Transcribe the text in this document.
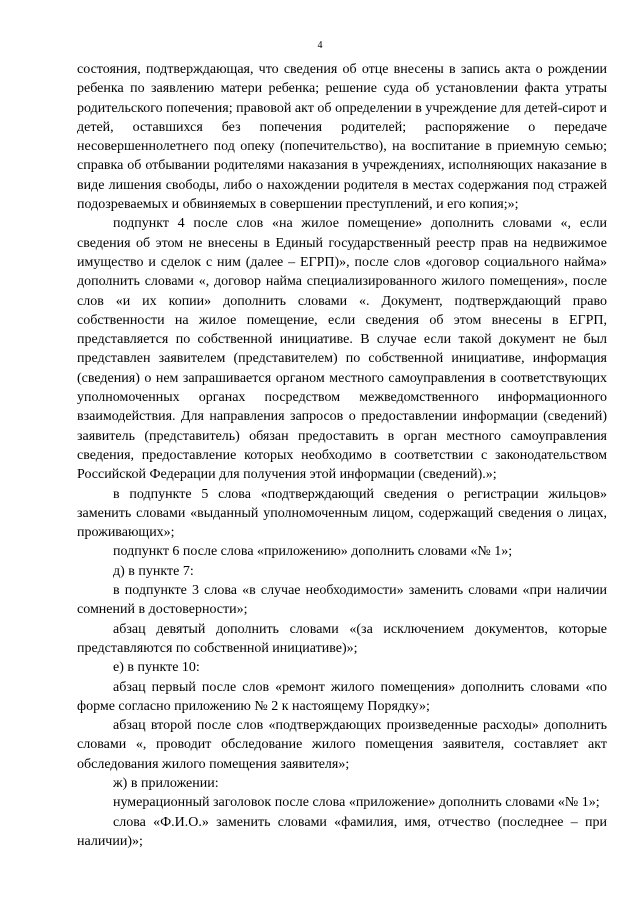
4

состояния, подтверждающая, что сведения об отце внесены в запись акта о рождении ребенка по заявлению матери ребенка; решение суда об установлении факта утраты родительского попечения; правовой акт об определении в учреждение для детей-сирот и детей, оставшихся без попечения родителей; распоряжение о передаче несовершеннолетнего под опеку (попечительство), на воспитание в приемную семью; справка об отбывании родителями наказания в учреждениях, исполняющих наказание в виде лишения свободы, либо о нахождении родителя в местах содержания под стражей подозреваемых и обвиняемых в совершении преступлений, и его копия;»;

подпункт 4 после слов «на жилое помещение» дополнить словами «, если сведения об этом не внесены в Единый государственный реестр прав на недвижимое имущество и сделок с ним (далее – ЕГРП)», после слов «договор социального найма» дополнить словами «, договор найма специализированного жилого помещения», после слов «и их копии» дополнить словами «. Документ, подтверждающий право собственности на жилое помещение, если сведения об этом внесены в ЕГРП, представляется по собственной инициативе. В случае если такой документ не был представлен заявителем (представителем) по собственной инициативе, информация (сведения) о нем запрашивается органом местного самоуправления в соответствующих уполномоченных органах посредством межведомственного информационного взаимодействия. Для направления запросов о предоставлении информации (сведений) заявитель (представитель) обязан предоставить в орган местного самоуправления сведения, предоставление которых необходимо в соответствии с законодательством Российской Федерации для получения этой информации (сведений).»;

в подпункте 5 слова «подтверждающий сведения о регистрации жильцов» заменить словами «выданный уполномоченным лицом, содержащий сведения о лицах, проживающих»;

подпункт 6 после слова «приложению» дополнить словами «№ 1»;

д) в пункте 7:

в подпункте 3 слова «в случае необходимости» заменить словами «при наличии сомнений в достоверности»;

абзац девятый дополнить словами «(за исключением документов, которые представляются по собственной инициативе)»;

е) в пункте 10:

абзац первый после слов «ремонт жилого помещения» дополнить словами «по форме согласно приложению № 2 к настоящему Порядку»;

абзац второй после слов «подтверждающих произведенные расходы» дополнить словами «, проводит обследование жилого помещения заявителя, составляет акт обследования жилого помещения заявителя»;

ж) в приложении:

нумерационный заголовок после слова «приложение» дополнить словами «№ 1»;

слова «Ф.И.О.» заменить словами «фамилия, имя, отчество (последнее – при наличии)»;
